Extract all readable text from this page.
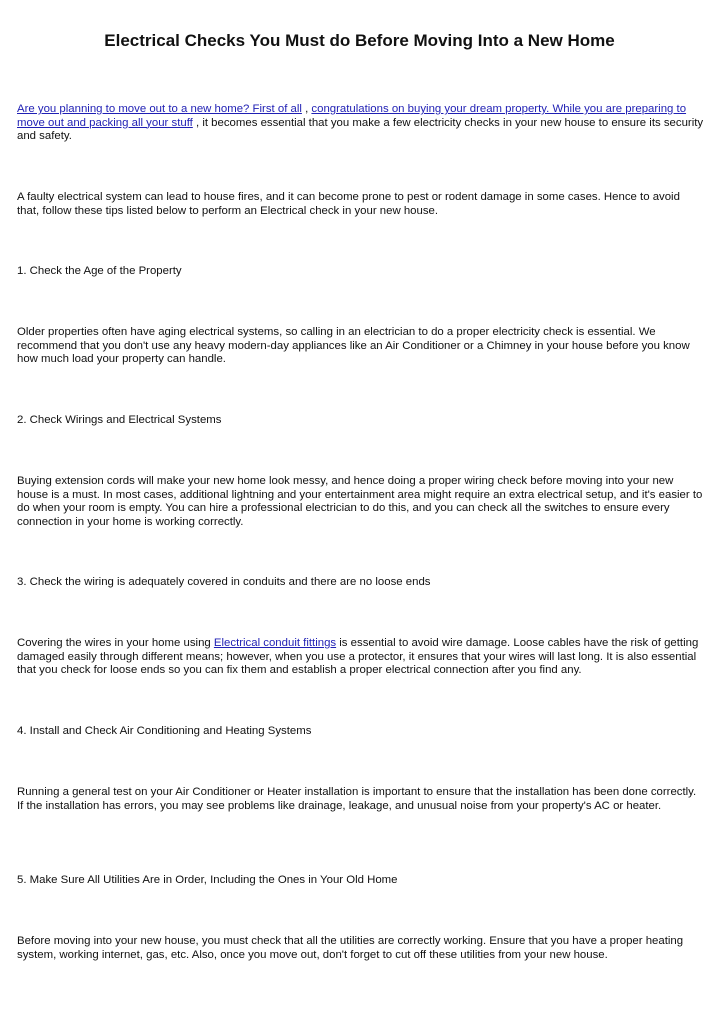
Electrical Checks You Must do Before Moving Into a New Home

Are you planning to move out to a new home? First of all , congratulations on buying your dream property. While you are preparing to move out and packing all your stuff , it becomes essential that you make a few electricity checks in your new house to ensure its security and safety.

A faulty electrical system can lead to house fires, and it can become prone to pest or rodent damage in some cases. Hence to avoid that, follow these tips listed below to perform an Electrical check in your new house.

1. Check the Age of the Property

Older properties often have aging electrical systems, so calling in an electrician to do a proper electricity check is essential. We recommend that you don't use any heavy modern-day appliances like an Air Conditioner or a Chimney in your house before you know how much load your property can handle.

2. Check Wirings and Electrical Systems

Buying extension cords will make your new home look messy, and hence doing a proper wiring check before moving into your new house is a must. In most cases, additional lightning and your entertainment area might require an extra electrical setup, and it's easier to do when your room is empty. You can hire a professional electrician to do this, and you can check all the switches to ensure every connection in your home is working correctly.

3. Check the wiring is adequately covered in conduits and there are no loose ends

Covering the wires in your home using Electrical conduit fittings is essential to avoid wire damage. Loose cables have the risk of getting damaged easily through different means; however, when you use a protector, it ensures that your wires will last long. It is also essential that you check for loose ends so you can fix them and establish a proper electrical connection after you find any.

4. Install and Check Air Conditioning and Heating Systems

Running a general test on your Air Conditioner or Heater installation is important to ensure that the installation has been done correctly. If the installation has errors, you may see problems like drainage, leakage, and unusual noise from your property's AC or heater.

5. Make Sure All Utilities Are in Order, Including the Ones in Your Old Home

Before moving into your new house, you must check that all the utilities are correctly working. Ensure that you have a proper heating system, working internet, gas, etc. Also, once you move out, don't forget to cut off these utilities from your new house.
